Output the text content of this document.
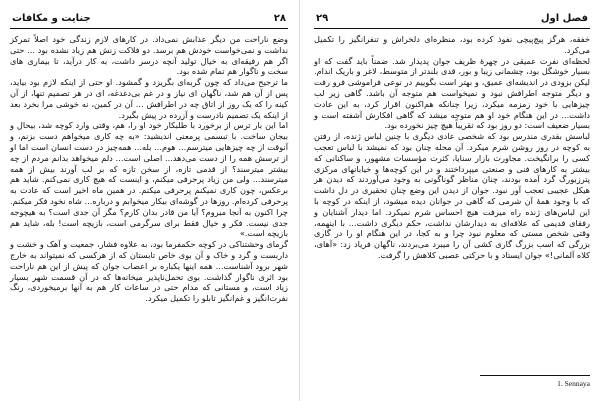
۲۸
جنایت و مکافات

وضع ناراحت من دیگر عذابش نمی‌داد. در کارهای لازم زندگی خود اصلاً تمرکز نداشت و نمی‌خواست خودش هم برسد. دو فلاکت زنش هم زیاد نشده بود ... حتی اگر هم رفیقه‌ای به خیال تولید آنچه درسر داشت، به کار درآید، تا بیماری های سخت و ناگوار هم تمام شده بود.

ما ترجیح می‌داد که چون گربه‌ای بگریزد و گمشود. او حتی از اینکه لازم بود بیاید، پس از آن هم شد، ناگهان ای نیاز و در غم بی‌دغدغه، ای در هر تصمیم تنها، از آن کینه را که یک روز از اتاق چه در اطرافش ... آن در کمین، نه خوشی مرا بخرد بعد از اینکه یک تصمیم نادرست و آزرده در پیش بگیرد.

اما این بار ترس از برخورد با طلبکار خود او را، هم، وقتی وارد کوچه شد، بیحال و بیجان ساخت. با تبسمی پرمعنی اندیشید: «به چه کاری میخواهم دست بزنم، و آنوقت از چه چیزهایی میترسم... هوم... بله... همه‌چیز در دست انسان است اما او از ترسش همه را از دست می‌دهد... اصلی است... دلم میخواهد بدانم مردم از چه بیشتر میترسند؟ از قدمی تازه، از سخن تازه که بر لب آورند بیش از همه میترسند... ولی من زیاد پرحرفی میکنم، و اینست که هیچ کاری نمی‌کنم. شاید هم برعکس، چون کاری نمیکنم پرحرفی میکنم. در همین ماه اخیر است که عادت به پرحرفی کرده‌ام. روزها در گوشه‌ای بیکار میخوابم و درباره... شاه نخود فکر میکنم. چرا اکنون به آنجا میروم؟ آیا من قادر بدان کارم؟ مگر آن جدی است؟ به هیچوجه جدی نیست. فکر و خیال فقط برای سرگرمی است، بازیچه است! بله، شاید هم بازیچه است.»

گرمای وحشتناکی در کوچه حکمفرما بود، به علاوه فشار، جمعیت و آهک و خشت و داربست و گرد و خاک و آن بوی خاص تابستان که از هرکسی که نمیتواند به خارج شهر برود آشناست... همه اینها یکباره بر اعصاب جوان که پیش از این هم ناراحت بود اثری ناگوار گذاشت. بوی تحمل‌ناپذیر میخانه‌ها که در آن قسمت شهر بسیار زیاد است، و مستانی که مدام حتی در ساعات کار هم به آنها برمیخوردی، رنگ نفرت‌انگیز و غم‌انگیز تابلو را تکمیل میکرد.

۲۹	فصل اول

خفقه، هرگز پیچ‌پیچی نفوذ کرده بود، منظره‌ای دلخراش و تنفرانگیز را تکمیل می‌کرد.

لحظه‌ای نفرت عمیقی در چهرهٔ ظریف جوان پدیدار شد. ضمناً باید گفت که او بسیار خوشگل بود، چشمانی زیبا و بور، قدی بلندتر از متوسط، لاغر و باریک اندام. لیکن بزودی در اندیشه‌ای عمیق، و بهتر است بگوییم در نوعی فراموشی فرو رفت و دیگر متوجه اطرافش نبود و نمیخواست هم متوجه آن باشد. گاهی زیر لب چیزهایی با خود زمزمه میکرد، زیرا چنانکه هم‌اکنون اقرار کرد، به این عادت داشت... در این هنگام خود او هم متوجه میشد که گاهی افکارش آشفته است و بسیار ضعیف است: دو روز بود که تقریباً هیچ چیز نخورده بود.

لباسش بقدری مندرس بود که شخصی عادی دیگری با چنین لباس ژنده، از رفتن به کوچه در روز روشن شرم میکرد. آن محله چنان بود که نمیشد با لباس تعجب کسی را برانگیخت. مجاورت بازار سنایا، کثرت مؤسسات مشهور، و ساکنانی که بیشتر به کارهای فنی و صنعتی میپرداختند و در این کوچه‌ها و خیابانهای مرکزی پترزبورگ گرد آمده بودند، چنان مناظر گوناگونی به وجود می‌آوردند که دیدن هر هیکل عجیبی تعجب آور نبود. جوان از دیدن این وضع چنان تحقیری در دل داشت که با وجود همهٔ آن شرمی که گاهی در جوانان دیده میشود، از اینکه در کوچه با این لباس‌های ژنده راه میرفت هیچ احساس شرم نمیکرد. اما دیدار آشنایان و رفقای قدیمی که علاقه‌ای به دیدارشان نداشت، حکم دیگری داشت... با اینهمه، وقتی شخص مستی که معلوم نبود چرا و به کجا، در این هنگام او را در گاری بزرگی که اسب بزرگ گاری کشی آن را میبرد می‌بردند، ناگهان فریاد زد: «آهای، کلاه آلمانی!» جوان ایستاد و با حرکتی عصبی کلاهش را گرفت.

1. Sennaya
